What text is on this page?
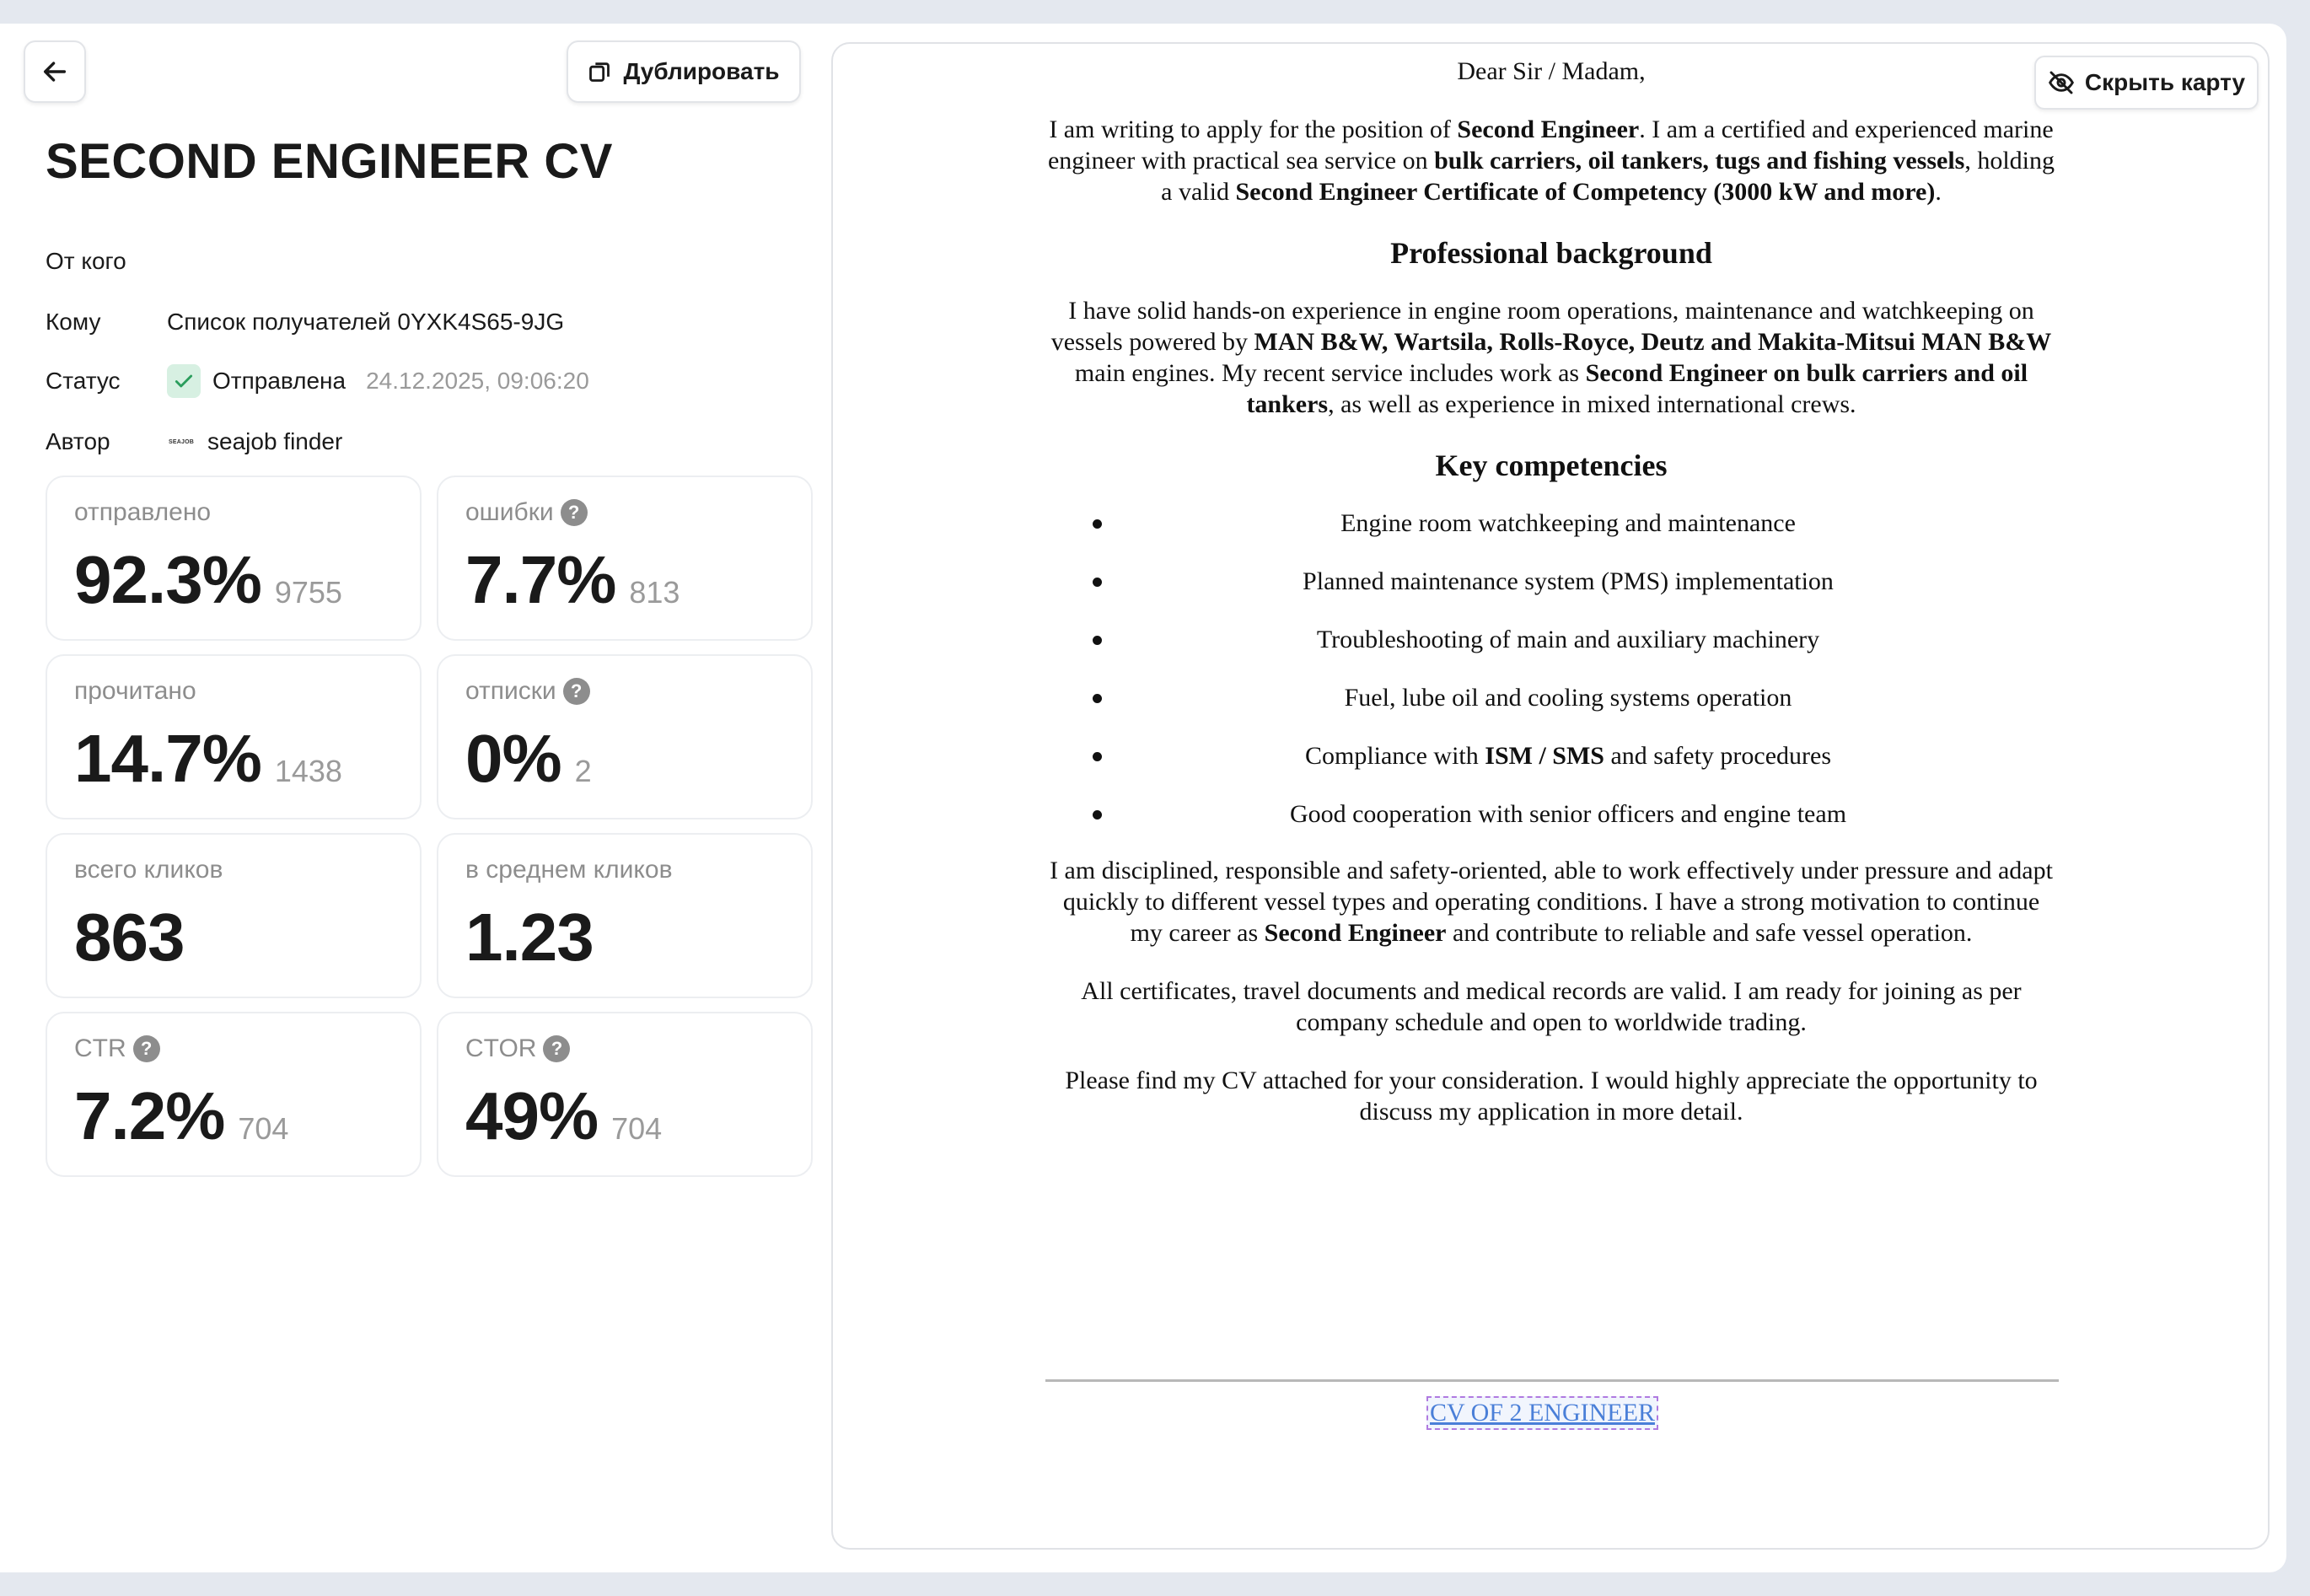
Дублировать
SECOND ENGINEER CV
От кого
Кому	Список получателей 0YXK4S65-9JG
Статус	Отправлена 24.12.2025, 09:06:20
Автор	SEAJOB seajob finder
отправлено
92.3% 9755
ошибки ?
7.7% 813
прочитано
14.7% 1438
отписки ?
0% 2
всего кликов
863
в среднем кликов
1.23
CTR ?
7.2% 704
CTOR ?
49% 704
Скрыть карту

Dear Sir / Madam,

I am writing to apply for the position of Second Engineer. I am a certified and experienced marine engineer with practical sea service on bulk carriers, oil tankers, tugs and fishing vessels, holding a valid Second Engineer Certificate of Competency (3000 kW and more).

Professional background

I have solid hands-on experience in engine room operations, maintenance and watchkeeping on vessels powered by MAN B&W, Wartsila, Rolls-Royce, Deutz and Makita-Mitsui MAN B&W main engines. My recent service includes work as Second Engineer on bulk carriers and oil tankers, as well as experience in mixed international crews.

Key competencies
Engine room watchkeeping and maintenance
Planned maintenance system (PMS) implementation
Troubleshooting of main and auxiliary machinery
Fuel, lube oil and cooling systems operation
Compliance with ISM / SMS and safety procedures
Good cooperation with senior officers and engine team

I am disciplined, responsible and safety-oriented, able to work effectively under pressure and adapt quickly to different vessel types and operating conditions. I have a strong motivation to continue my career as Second Engineer and contribute to reliable and safe vessel operation.

All certificates, travel documents and medical records are valid. I am ready for joining as per company schedule and open to worldwide trading.

Please find my CV attached for your consideration. I would highly appreciate the opportunity to discuss my application in more detail.

CV OF 2 ENGINEER
